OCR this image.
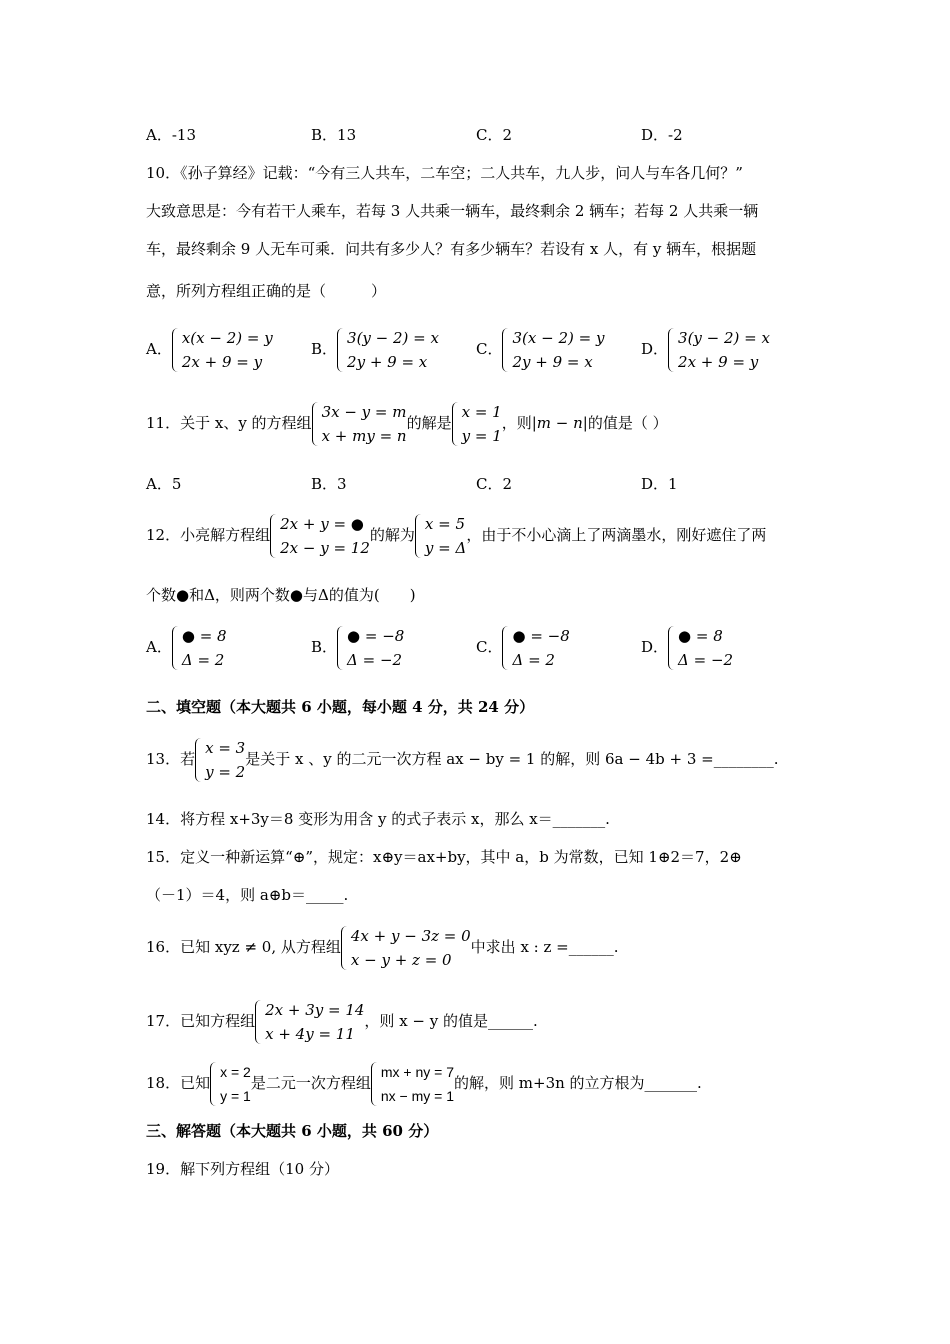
A．-13	B．13	C．2	D．-2
10．《孙子算经》记载：“今有三人共车，二车空；二人共车，九人步，问人与车各几何？”
大致意思是：今有若干人乘车，若每 3 人共乘一辆车，最终剩余 2 辆车；若每 2 人共乘一辆
车，最终剩余 9 人无车可乘．问共有多少人？有多少辆车？若设有 x 人，有 y 辆车，根据题
意，所列方程组正确的是（　　　）
A．
x(x − 2) = y
2x + 9 = y
B．
3(y − 2) = x
2y + 9 = x
C．
3(x − 2) = y
2y + 9 = x
D．
3(y − 2) = x
2x + 9 = y
11．关于 x、y 的方程组
3x − y = m
x + my = n
的解是
x = 1
y = 1
，则|m − n|的值是（ ）
A．5	B．3	C．2	D．1
12．小亮解方程组
2x + y = ●
2x − y = 12
的解为
x = 5
y = Δ
，由于不小心滴上了两滴墨水，刚好遮住了两
个数●和Δ，则两个数●与Δ的值为(　　)
A．
● = 8
Δ = 2
B．
● = −8
Δ = −2
C．
● = −8
Δ = 2
D．
● = 8
Δ = −2
二、填空题（本大题共 6 小题，每小题 4 分，共 24 分）
13．若
x = 3
y = 2
是关于 x 、y 的二元一次方程 ax − by = 1 的解，则 6a − 4b + 3 =________.
14．将方程 x+3y＝8 变形为用含 y 的式子表示 x，那么 x＝_______.
15．定义一种新运算“⊕”，规定：x⊕y＝ax+by，其中 a，b 为常数，已知 1⊕2＝7，2⊕
（－1）＝4，则 a⊕b＝_____.
16．已知 xyz ≠ 0, 从方程组
4x + y − 3z = 0
x − y + z = 0
中求出 x : z =______.
17．已知方程组
2x + 3y = 14
x + 4y = 11
，则 x − y 的值是______.
18．已知
x = 2
y = 1
是二元一次方程组
mx + ny = 7
nx − my = 1
的解，则 m+3n 的立方根为_______.
三、解答题（本大题共 6 小题，共 60 分）
19．解下列方程组（10 分）
